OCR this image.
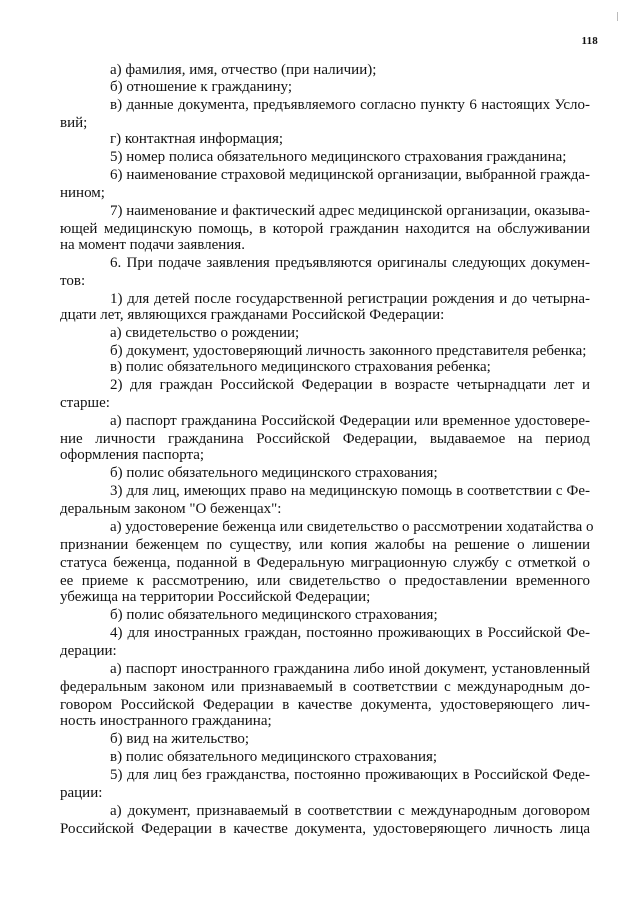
118
а) фамилия, имя, отчество (при наличии);
б) отношение к гражданину;
в) данные документа, предъявляемого согласно пункту 6 настоящих Усло-
вий;
г) контактная информация;
5) номер полиса обязательного медицинского страхования гражданина;
6) наименование страховой медицинской организации, выбранной гражда-
нином;
7) наименование и фактический адрес медицинской организации, оказыва-
ющей медицинскую помощь, в которой гражданин находится на обслуживании
на момент подачи заявления.
6. При подаче заявления предъявляются оригиналы следующих докумен-
тов:
1) для детей после государственной регистрации рождения и до четырна-
дцати лет, являющихся гражданами Российской Федерации:
а) свидетельство о рождении;
б) документ, удостоверяющий личность законного представителя ребенка;
в) полис обязательного медицинского страхования ребенка;
2) для граждан Российской Федерации в возрасте четырнадцати лет и
старше:
а) паспорт гражданина Российской Федерации или временное удостовере-
ние личности гражданина Российской Федерации, выдаваемое на период
оформления паспорта;
б) полис обязательного медицинского страхования;
3) для лиц, имеющих право на медицинскую помощь в соответствии с Фе-
деральным законом "О беженцах":
а) удостоверение беженца или свидетельство о рассмотрении ходатайства о
признании беженцем по существу, или копия жалобы на решение о лишении
статуса беженца, поданной в Федеральную миграционную службу с отметкой о
ее приеме к рассмотрению, или свидетельство о предоставлении временного
убежища на территории Российской Федерации;
б) полис обязательного медицинского страхования;
4) для иностранных граждан, постоянно проживающих в Российской Фе-
дерации:
а) паспорт иностранного гражданина либо иной документ, установленный
федеральным законом или признаваемый в соответствии с международным до-
говором Российской Федерации в качестве документа, удостоверяющего лич-
ность иностранного гражданина;
б) вид на жительство;
в) полис обязательного медицинского страхования;
5) для лиц без гражданства, постоянно проживающих в Российской Феде-
рации:
а) документ, признаваемый в соответствии с международным договором
Российской Федерации в качестве документа, удостоверяющего личность лица
